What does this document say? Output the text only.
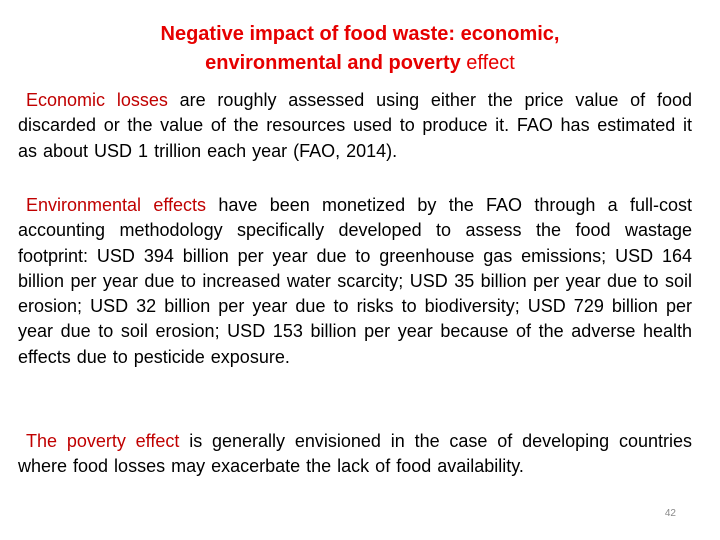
Negative impact of food waste: economic,
environmental and poverty effect

Economic losses are roughly assessed using either the price value of food discarded or the value of the resources used to produce it. FAO has estimated it as about USD 1 trillion each year (FAO, 2014).

Environmental effects have been monetized by the FAO through a full-cost accounting methodology specifically developed to assess the food wastage footprint: USD 394 billion per year due to greenhouse gas emissions; USD 164 billion per year due to increased water scarcity; USD 35 billion per year due to soil erosion; USD 32 billion per year due to risks to biodiversity; USD 729 billion per year due to soil erosion; USD 153 billion per year because of the adverse health effects due to pesticide exposure.

The poverty effect is generally envisioned in the case of developing countries where food losses may exacerbate the lack of food availability.

42
